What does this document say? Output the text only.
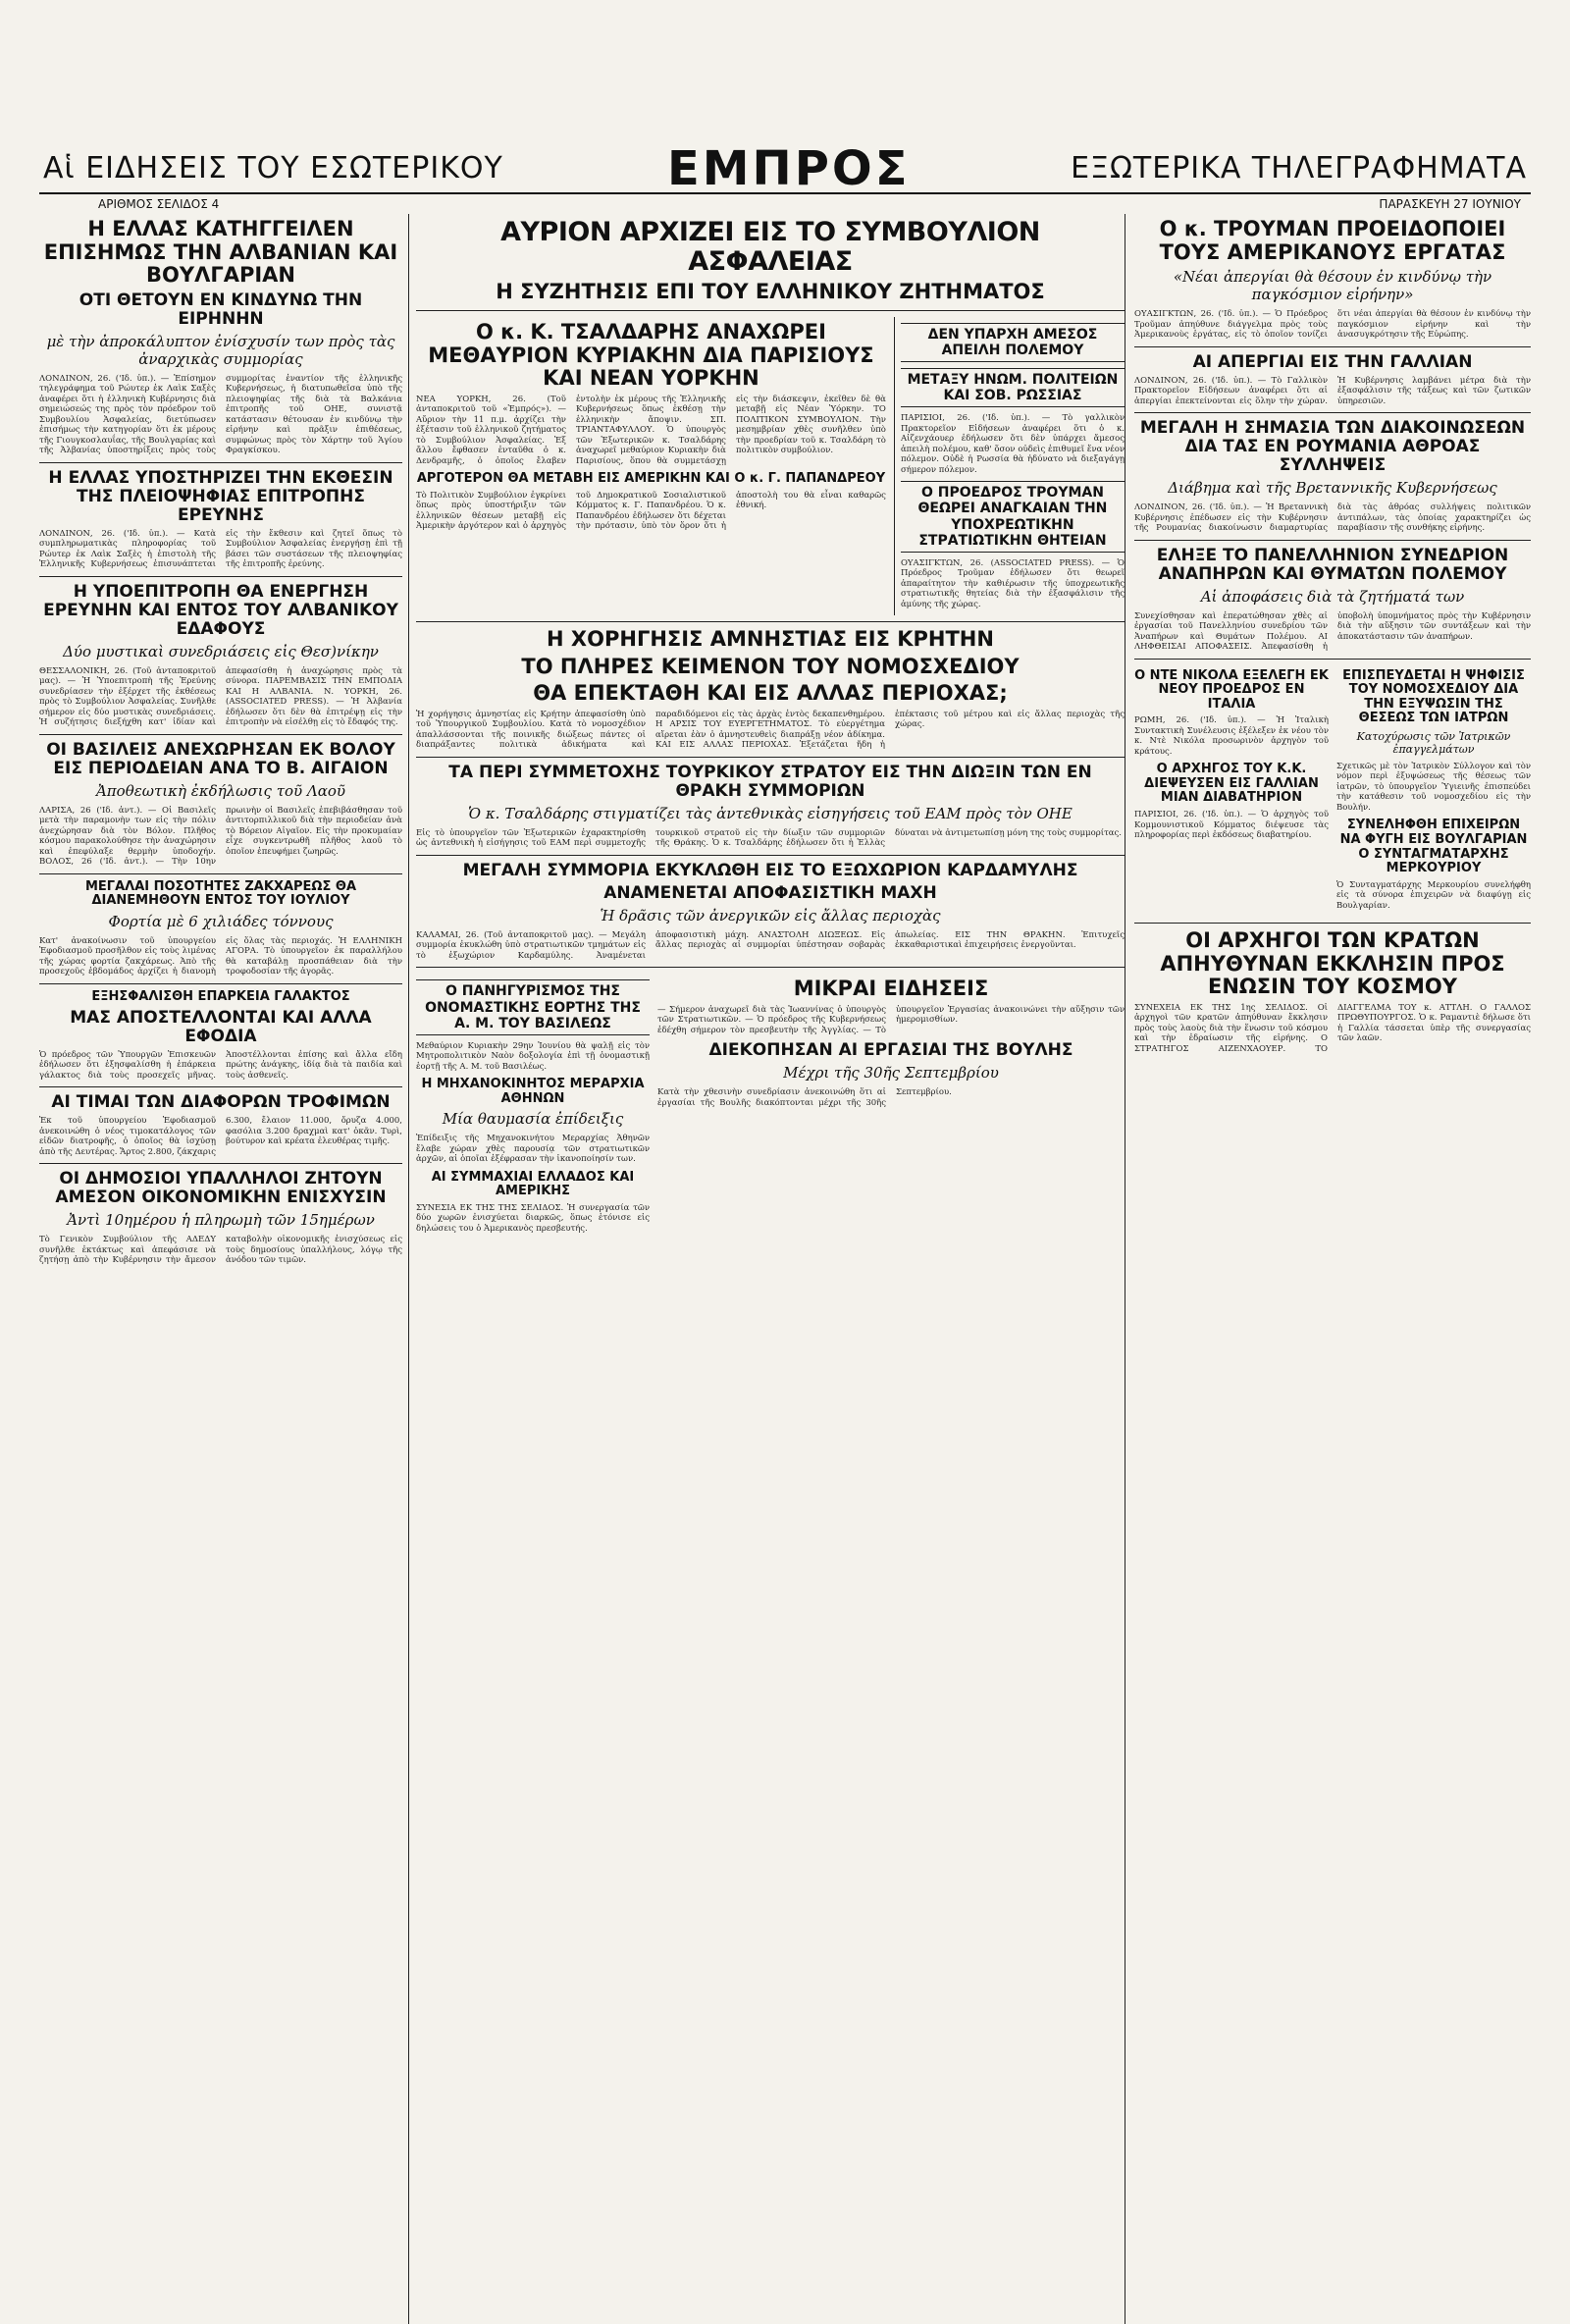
Αἱ ΕΙΔΗΣΕΙΣ ΤΟΥ ΕΣΩΤΕΡΙΚΟΥ	ΕΜΠΡΟΣ	ΕΞΩΤΕΡΙΚΑ ΤΗΛΕΓΡΑΦΗΜΑΤΑ
ΑΡΙΘΜΟΣ ΣΕΛΙΔΟΣ 4	ΠΑΡΑΣΚΕΥΗ 27 ΙΟΥΝΙΟΥ
Η ΕΛΛΑΣ ΚΑΤΗΓΓΕΙΛΕΝ ΕΠΙΣΗΜΩΣ ΤΗΝ ΑΛΒΑΝΙΑΝ ΚΑΙ ΒΟΥΛΓΑΡΙΑΝ
ΟΤΙ ΘΕΤΟΥΝ ΕΝ ΚΙΝΔΥΝΩ ΤΗΝ ΕΙΡΗΝΗΝ
μὲ τὴν ἀπροκάλυπτον ἐνίσχυσίν των πρὸς τὰς ἀναρχικὰς συμμορίας
ΛΟΝΔΙΝΟΝ, 26. ('Ιδ. ὑπ.). — Ἐπίσημον τηλεγράφημα τοῦ Ρώυτερ ἐκ Λαὶκ Σαξὲς ἀναφέρει ὅτι ἡ ἑλληνικὴ Κυβέρνησις διὰ σημειώσεώς της πρὸς τὸν πρόεδρον τοῦ Συμβουλίου Ἀσφαλείας, διετύπωσεν ἐπισήμως τὴν κατηγορίαν ὅτι ἐκ μέρους τῆς Γιουγκοσλαυΐας, τῆς Βουλγαρίας καὶ τῆς Ἀλβανίας ὑποστηρίξεις πρὸς τοὺς συμμορίτας ἐναντίον τῆς ἑλληνικῆς Κυβερνήσεως, ἡ διατυπωθεῖσα ὑπὸ τῆς πλειοψηφίας τῆς διὰ τὰ Βαλκάνια ἐπιτροπῆς τοῦ ΟΗΕ, συνιστᾷ κατάστασιν θέτουσαν ἐν κινδύνῳ τὴν εἰρήνην καὶ πρᾶξιν ἐπιθέσεως, συμφώνως πρὸς τὸν Χάρτην τοῦ Ἁγίου Φραγκίσκου.
Η ΕΛΛΑΣ ΥΠΟΣΤΗΡΙΖΕΙ ΤΗΝ ΕΚΘΕΣΙΝ ΤΗΣ ΠΛΕΙΟΨΗΦΙΑΣ ΕΠΙΤΡΟΠΗΣ ΕΡΕΥΝΗΣ
ΛΟΝΔΙΝΟΝ, 26. ('Ιδ. ὑπ.). — Κατὰ συμπληρωματικὰς πληροφορίας τοῦ Ρώυτερ ἐκ Λαὶκ Σαξὲς ἡ ἐπιστολὴ τῆς Ἑλληνικῆς Κυβερνήσεως ἐπισυνάπτεται εἰς τὴν ἔκθεσιν καὶ ζητεῖ ὅπως τὸ Συμβούλιον Ἀσφαλείας ἐνεργήσῃ ἐπὶ τῇ βάσει τῶν συστάσεων τῆς πλειοψηφίας τῆς ἐπιτροπῆς ἐρεύνης.
Η ΥΠΟΕΠΙΤΡΟΠΗ ΘΑ ΕΝΕΡΓΗΣΗ ΕΡΕΥΝΗΝ ΚΑΙ ΕΝΤΟΣ ΤΟΥ ΑΛΒΑΝΙΚΟΥ ΕΔΑΦΟΥΣ
Δύο μυστικαὶ συνεδριάσεις εἰς Θεσ)νίκην
ΘΕΣΣΑΛΟΝΙΚΗ, 26. (Τοῦ ἀνταποκριτοῦ μας). — Ἡ Ὑποεπιτροπὴ τῆς Ἐρεύνης συνεδρίασεν τὴν ἐξέρχετ τῆς ἐκθέσεως πρὸς τὸ Συμβούλιον Ἀσφαλείας. Συνῆλθε σήμερον εἰς δύο μυστικὰς συνεδριάσεις. Ἡ συζήτησις διεξήχθη κατ' ἰδίαν καὶ ἀπεφασίσθη ἡ ἀναχώρησις πρὸς τὰ σύνορα. ΠΑΡΕΜΒΑΣΙΣ ΤΗΝ ΕΜΠΟΔΙΑ ΚΑΙ Η ΑΛΒΑΝΙΑ. Ν. ΥΟΡΚΗ, 26. (ASSOCIATED PRESS). — Ἡ Ἀλβανία ἐδήλωσεν ὅτι δὲν θὰ ἐπιτρέψῃ εἰς τὴν ἐπιτροπὴν νὰ εἰσέλθῃ εἰς τὸ ἔδαφός της.
ΟΙ ΒΑΣΙΛΕΙΣ ΑΝΕΧΩΡΗΣΑΝ ΕΚ ΒΟΛΟΥ ΕΙΣ ΠΕΡΙΟΔΕΙΑΝ ΑΝΑ ΤΟ Β. ΑΙΓΑΙΟΝ
Ἀποθεωτικὴ ἐκδήλωσις τοῦ Λαοῦ
ΛΑΡΙΣΑ, 26 ('Ιδ. ἀντ.). — Οἱ Βασιλεῖς μετὰ τὴν παραμονὴν των εἰς τὴν πόλιν ἀνεχώρησαν διὰ τὸν Βόλον. Πλῆθος κόσμου παρακολούθησε τὴν ἀναχώρησιν καὶ ἐπεφύλαξε θερμὴν ὑποδοχήν. ΒΟΛΟΣ, 26 ('Ιδ. ἀντ.). — Τὴν 10ην πρωινὴν οἱ Βασιλεῖς ἐπεβιβάσθησαν τοῦ ἀντιτορπιλλικοῦ διὰ τὴν περιοδείαν ἀνὰ τὸ Βόρειον Αἰγαῖον. Εἰς τὴν προκυμαίαν εἶχε συγκεντρωθῆ πλῆθος λαοῦ τὸ ὁποῖον ἐπευφήμει ζωηρῶς.
ΜΕΓΑΛΑΙ ΠΟΣΟΤΗΤΕΣ ΖΑΚΧΑΡΕΩΣ ΘΑ ΔΙΑΝΕΜΗΘΟΥΝ ΕΝΤΟΣ ΤΟΥ ΙΟΥΛΙΟΥ
Φορτία μὲ 6 χιλιάδες τόννους
Κατ' ἀνακοίνωσιν τοῦ ὑπουργείου Ἐφοδιασμοῦ προσῆλθον εἰς τοὺς λιμένας τῆς χώρας φορτία ζακχάρεως. Ἀπὸ τῆς προσεχοῦς ἑβδομάδος ἀρχίζει ἡ διανομὴ εἰς ὅλας τὰς περιοχάς. Ἡ ΕΛΛΗΝΙΚΗ ΑΓΟΡΑ. Τὸ ὑπουργεῖον ἐκ παραλλήλου θὰ καταβάλῃ προσπάθειαν διὰ τὴν τροφοδοσίαν τῆς ἀγορᾶς.
ΕΞΗΣΦΑΛΙΣΘΗ ΕΠΑΡΚΕΙΑ ΓΑΛΑΚΤΟΣ
ΜΑΣ ΑΠΟΣΤΕΛΛΟΝΤΑΙ ΚΑΙ ΑΛΛΑ ΕΦΟΔΙΑ
Ὁ πρόεδρος τῶν Ὑπουργῶν Ἐπισκευῶν ἐδήλωσεν ὅτι ἐξησφαλίσθη ἡ ἐπάρκεια γάλακτος διὰ τοὺς προσεχεῖς μῆνας. Ἀποστέλλονται ἐπίσης καὶ ἄλλα εἴδη πρώτης ἀνάγκης, ἰδίᾳ διὰ τὰ παιδία καὶ τοὺς ἀσθενεῖς.
ΑΙ ΤΙΜΑΙ ΤΩΝ ΔΙΑΦΟΡΩΝ ΤΡΟΦΙΜΩΝ
Ἐκ τοῦ ὑπουργείου Ἐφοδιασμοῦ ἀνεκοινώθη ὁ νέος τιμοκατάλογος τῶν εἰδῶν διατροφῆς, ὁ ὁποῖος θὰ ἰσχύσῃ ἀπὸ τῆς Δευτέρας. Ἄρτος 2.800, ζάκχαρις 6.300, ἔλαιον 11.000, ὄρυζα 4.000, φασόλια 3.200 δραχμαὶ κατ' ὀκᾶν. Τυρὶ, βούτυρον καὶ κρέατα ἐλευθέρας τιμῆς.
ΟΙ ΔΗΜΟΣΙΟΙ ΥΠΑΛΛΗΛΟΙ ΖΗΤΟΥΝ ΑΜΕΣΟΝ ΟΙΚΟΝΟΜΙΚΗΝ ΕΝΙΣΧΥΣΙΝ
Ἀντὶ 10ημέρου ἡ πληρωμὴ τῶν 15ημέρων
Τὸ Γενικὸν Συμβούλιον τῆς ΑΔΕΔΥ συνῆλθε ἐκτάκτως καὶ ἀπεφάσισε νὰ ζητήσῃ ἀπὸ τὴν Κυβέρνησιν τὴν ἄμεσον καταβολὴν οἰκονομικῆς ἐνισχύσεως εἰς τοὺς δημοσίους ὑπαλλήλους, λόγῳ τῆς ἀνόδου τῶν τιμῶν.
ΑΥΡΙΟΝ ΑΡΧΙΖΕΙ ΕΙΣ ΤΟ ΣΥΜΒΟΥΛΙΟΝ ΑΣΦΑΛΕΙΑΣ
Η ΣΥΖΗΤΗΣΙΣ ΕΠΙ ΤΟΥ ΕΛΛΗΝΙΚΟΥ ΖΗΤΗΜΑΤΟΣ
Ο κ. Κ. ΤΣΑΛΔΑΡΗΣ ΑΝΑΧΩΡΕΙ ΜΕΘΑΥΡΙΟΝ ΚΥΡΙΑΚΗΝ ΔΙΑ ΠΑΡΙΣΙΟΥΣ ΚΑΙ ΝΕΑΝ ΥΟΡΚΗΝ
ΝΕΑ ΥΟΡΚΗ, 26. (Τοῦ ἀνταποκριτοῦ τοῦ «Ἐμπρός»). — Αὔριον τὴν 11 π.μ. ἀρχίζει τὴν ἐξέτασιν τοῦ ἑλληνικοῦ ζητήματος τὸ Συμβούλιον Ἀσφαλείας. Ἐξ ἄλλου ἔφθασεν ἐνταῦθα ὁ κ. Δενδραμῆς, ὁ ὁποῖος ἔλαβεν ἐντολὴν ἐκ μέρους τῆς Ἑλληνικῆς Κυβερνήσεως ὅπως ἐκθέσῃ τὴν ἑλληνικὴν ἄποψιν. ΣΠ. ΤΡΙΑΝΤΑΦΥΛΛΟΥ. Ὁ ὑπουργὸς τῶν Ἐξωτερικῶν κ. Τσαλδάρης ἀναχωρεῖ μεθαύριον Κυριακὴν διὰ Παρισίους, ὅπου θὰ συμμετάσχῃ εἰς τὴν διάσκεψιν, ἐκεῖθεν δὲ θὰ μεταβῇ εἰς Νέαν Ὑόρκην. ΤΟ ΠΟΛΙΤΙΚΟΝ ΣΥΜΒΟΥΛΙΟΝ. Τὴν μεσημβρίαν χθὲς συνῆλθεν ὑπὸ τὴν προεδρίαν τοῦ κ. Τσαλδάρη τὸ πολιτικὸν συμβούλιον.
ΑΡΓΟΤΕΡΟΝ ΘΑ ΜΕΤΑΒΗ ΕΙΣ ΑΜΕΡΙΚΗΝ ΚΑΙ Ο κ. Γ. ΠΑΠΑΝΔΡΕΟΥ
Τὸ Πολιτικὸν Συμβούλιον ἐγκρίνει ὅπως πρὸς ὑποστήριξιν τῶν ἑλληνικῶν θέσεων μεταβῇ εἰς Ἀμερικὴν ἀργότερον καὶ ὁ ἀρχηγὸς τοῦ Δημοκρατικοῦ Σοσιαλιστικοῦ Κόμματος κ. Γ. Παπανδρέου. Ὁ κ. Παπανδρέου ἐδήλωσεν ὅτι δέχεται τὴν πρότασιν, ὑπὸ τὸν ὅρον ὅτι ἡ ἀποστολὴ του θὰ εἶναι καθαρῶς ἐθνική.
ΔΕΝ ΥΠΑΡΧΗ ΑΜΕΣΟΣ ΑΠΕΙΛΗ ΠΟΛΕΜΟΥ
ΜΕΤΑΞΥ ΗΝΩΜ. ΠΟΛΙΤΕΙΩΝ ΚΑΙ ΣΟΒ. ΡΩΣΣΙΑΣ
ΠΑΡΙΣΙΟΙ, 26. ('Ιδ. ὑπ.). — Τὸ γαλλικὸν Πρακτορεῖον Εἰδήσεων ἀναφέρει ὅτι ὁ κ. Αἰζενχάουερ ἐδήλωσεν ὅτι δὲν ὑπάρχει ἄμεσος ἀπειλὴ πολέμου, καθ' ὅσον οὐδεὶς ἐπιθυμεῖ ἕνα νέον πόλεμον. Οὐδὲ ἡ Ρωσσία θὰ ἠδύνατο νὰ διεξαγάγῃ σήμερον πόλεμον.
Ο ΠΡΟΕΔΡΟΣ ΤΡΟΥΜΑΝ ΘΕΩΡΕΙ ΑΝΑΓΚΑΙΑΝ ΤΗΝ ΥΠΟΧΡΕΩΤΙΚΗΝ ΣΤΡΑΤΙΩΤΙΚΗΝ ΘΗΤΕΙΑΝ
ΟΥΑΣΙΓΚΤΩΝ, 26. (ASSOCIATED PRESS). — Ὁ Πρόεδρος Τροῦμαν ἐδήλωσεν ὅτι θεωρεῖ ἀπαραίτητον τὴν καθιέρωσιν τῆς ὑποχρεωτικῆς στρατιωτικῆς θητείας διὰ τὴν ἐξασφάλισιν τῆς ἀμύνης τῆς χώρας.
Η ΧΟΡΗΓΗΣΙΣ ΑΜΝΗΣΤΙΑΣ ΕΙΣ ΚΡΗΤΗΝ
ΤΟ ΠΛΗΡΕΣ ΚΕΙΜΕΝΟΝ ΤΟΥ ΝΟΜΟΣΧΕΔΙΟΥ
ΘΑ ΕΠΕΚΤΑΘΗ ΚΑΙ ΕΙΣ ΑΛΛΑΣ ΠΕΡΙΟΧΑΣ;
Ἡ χορήγησις ἀμνηστίας εἰς Κρήτην ἀπεφασίσθη ὑπὸ τοῦ Ὑπουργικοῦ Συμβουλίου. Κατὰ τὸ νομοσχέδιον ἀπαλλάσσονται τῆς ποινικῆς διώξεως πάντες οἱ διαπράξαντες πολιτικὰ ἀδικήματα καὶ παραδιδόμενοι εἰς τὰς ἀρχὰς ἐντὸς δεκαπενθημέρου. Η ΑΡΣΙΣ ΤΟΥ ΕΥΕΡΓΕΤΗΜΑΤΟΣ. Τὸ εὐεργέτημα αἴρεται ἐὰν ὁ ἀμνηστευθεὶς διαπράξῃ νέον ἀδίκημα. ΚΑΙ ΕΙΣ ΑΛΛΑΣ ΠΕΡΙΟΧΑΣ. Ἐξετάζεται ἤδη ἡ ἐπέκτασις τοῦ μέτρου καὶ εἰς ἄλλας περιοχὰς τῆς χώρας.
ΤΑ ΠΕΡΙ ΣΥΜΜΕΤΟΧΗΣ ΤΟΥΡΚΙΚΟΥ ΣΤΡΑΤΟΥ ΕΙΣ ΤΗΝ ΔΙΩΞΙΝ ΤΩΝ ΕΝ ΘΡΑΚΗ ΣΥΜΜΟΡΙΩΝ
Ὁ κ. Τσαλδάρης στιγματίζει τὰς ἀντεθνικὰς εἰσηγήσεις τοῦ ΕΑΜ πρὸς τὸν ΟΗΕ
Εἰς τὸ ὑπουργεῖον τῶν Ἐξωτερικῶν ἐχαρακτηρίσθη ὡς ἀντεθνικὴ ἡ εἰσήγησις τοῦ ΕΑΜ περὶ συμμετοχῆς τουρκικοῦ στρατοῦ εἰς τὴν δίωξιν τῶν συμμοριῶν τῆς Θράκης. Ὁ κ. Τσαλδάρης ἐδήλωσεν ὅτι ἡ Ἑλλὰς δύναται νὰ ἀντιμετωπίσῃ μόνη της τοὺς συμμορίτας.
ΜΕΓΑΛΗ ΣΥΜΜΟΡΙΑ ΕΚΥΚΛΩΘΗ ΕΙΣ ΤΟ ΕΞΩΧΩΡΙΟΝ ΚΑΡΔΑΜΥΛΗΣ
ΑΝΑΜΕΝΕΤΑΙ ΑΠΟΦΑΣΙΣΤΙΚΗ ΜΑΧΗ
Ἡ δρᾶσις τῶν ἀνεργικῶν εἰς ἄλλας περιοχὰς
ΚΑΛΑΜΑΙ, 26. (Τοῦ ἀνταποκριτοῦ μας). — Μεγάλη συμμορία ἐκυκλώθη ὑπὸ στρατιωτικῶν τμημάτων εἰς τὸ ἐξωχώριον Καρδαμύλης. Ἀναμένεται ἀποφασιστικὴ μάχη. ΑΝΑΣΤΟΛΗ ΔΙΩΞΕΩΣ. Εἰς ἄλλας περιοχὰς αἱ συμμορίαι ὑπέστησαν σοβαρὰς ἀπωλείας. ΕΙΣ ΤΗΝ ΘΡΑΚΗΝ. Ἐπιτυχεῖς ἐκκαθαριστικαὶ ἐπιχειρήσεις ἐνεργοῦνται.
Ο ΠΑΝΗΓΥΡΙΣΜΟΣ ΤΗΣ ΟΝΟΜΑΣΤΙΚΗΣ ΕΟΡΤΗΣ ΤΗΣ Α. Μ. ΤΟΥ ΒΑΣΙΛΕΩΣ
Μεθαύριον Κυριακὴν 29ην Ἰουνίου θὰ ψαλῇ εἰς τὸν Μητροπολιτικὸν Ναὸν δοξολογία ἐπὶ τῇ ὀνομαστικῇ ἑορτῇ τῆς Α. Μ. τοῦ Βασιλέως.
Η ΜΗΧΑΝΟΚΙΝΗΤΟΣ ΜΕΡΑΡΧΙΑ ΑΘΗΝΩΝ
Μία θαυμασία ἐπίδειξις
Ἐπίδειξις τῆς Μηχανοκινήτου Μεραρχίας Ἀθηνῶν ἔλαβε χώραν χθὲς παρουσίᾳ τῶν στρατιωτικῶν ἀρχῶν, αἱ ὁποῖαι ἐξέφρασαν τὴν ἱκανοποίησίν των.
ΑΙ ΣΥΜΜΑΧΙΑΙ ΕΛΛΑΔΟΣ ΚΑΙ ΑΜΕΡΙΚΗΣ
ΣΥΝΕΣΙΑ ΕΚ ΤΗΣ ΤΗΣ ΣΕΛΙΔΟΣ. Ἡ συνεργασία τῶν δύο χωρῶν ἐνισχύεται διαρκῶς, ὅπως ἐτόνισε εἰς δηλώσεις του ὁ Ἀμερικανὸς πρεσβευτής.
ΜΙΚΡΑΙ ΕΙΔΗΣΕΙΣ
— Σήμερον ἀναχωρεῖ διὰ τὰς Ἰωαννίνας ὁ ὑπουργὸς τῶν Στρατιωτικῶν. — Ὁ πρόεδρος τῆς Κυβερνήσεως ἐδέχθη σήμερον τὸν πρεσβευτὴν τῆς Ἀγγλίας. — Τὸ ὑπουργεῖον Ἐργασίας ἀνακοινώνει τὴν αὔξησιν τῶν ἡμερομισθίων.
ΔΙΕΚΟΠΗΣΑΝ ΑΙ ΕΡΓΑΣΙΑΙ ΤΗΣ ΒΟΥΛΗΣ
Μέχρι τῆς 30ῆς Σεπτεμβρίου
Κατὰ τὴν χθεσινὴν συνεδρίασιν ἀνεκοινώθη ὅτι αἱ ἐργασίαι τῆς Βουλῆς διακόπτονται μέχρι τῆς 30ῆς Σεπτεμβρίου.
Ο κ. ΤΡΟΥΜΑΝ ΠΡΟΕΙΔΟΠΟΙΕΙ ΤΟΥΣ ΑΜΕΡΙΚΑΝΟΥΣ ΕΡΓΑΤΑΣ
«Νέαι ἀπεργίαι θὰ θέσουν ἐν κινδύνῳ τὴν παγκόσμιον εἰρήνην»
ΟΥΑΣΙΓΚΤΩΝ, 26. ('Ιδ. ὑπ.). — Ὁ Πρόεδρος Τροῦμαν ἀπηύθυνε διάγγελμα πρὸς τοὺς Ἀμερικανοὺς ἐργάτας, εἰς τὸ ὁποῖον τονίζει ὅτι νέαι ἀπεργίαι θὰ θέσουν ἐν κινδύνῳ τὴν παγκόσμιον εἰρήνην καὶ τὴν ἀνασυγκρότησιν τῆς Εὐρώπης.
ΑΙ ΑΠΕΡΓΙΑΙ ΕΙΣ ΤΗΝ ΓΑΛΛΙΑΝ
ΛΟΝΔΙΝΟΝ, 26. ('Ιδ. ὑπ.). — Τὸ Γαλλικὸν Πρακτορεῖον Εἰδήσεων ἀναφέρει ὅτι αἱ ἀπεργίαι ἐπεκτείνονται εἰς ὅλην τὴν χώραν. Ἡ Κυβέρνησις λαμβάνει μέτρα διὰ τὴν ἐξασφάλισιν τῆς τάξεως καὶ τῶν ζωτικῶν ὑπηρεσιῶν.
ΜΕΓΑΛΗ Η ΣΗΜΑΣΙΑ ΤΩΝ ΔΙΑΚΟΙΝΩΣΕΩΝ ΔΙΑ ΤΑΣ ΕΝ ΡΟΥΜΑΝΙΑ ΑΘΡΟΑΣ ΣΥΛΛΗΨΕΙΣ
Διάβημα καὶ τῆς Βρεταννικῆς Κυβερνήσεως
ΛΟΝΔΙΝΟΝ, 26. ('Ιδ. ὑπ.). — Ἡ Βρεταννικὴ Κυβέρνησις ἐπέδωσεν εἰς τὴν Κυβέρνησιν τῆς Ρουμανίας διακοίνωσιν διαμαρτυρίας διὰ τὰς ἀθρόας συλλήψεις πολιτικῶν ἀντιπάλων, τὰς ὁποίας χαρακτηρίζει ὡς παραβίασιν τῆς συνθήκης εἰρήνης.
ΕΛΗΞΕ ΤΟ ΠΑΝΕΛΛΗΝΙΟΝ ΣΥΝΕΔΡΙΟΝ ΑΝΑΠΗΡΩΝ ΚΑΙ ΘΥΜΑΤΩΝ ΠΟΛΕΜΟΥ
Αἱ ἀποφάσεις διὰ τὰ ζητήματά των
Συνεχίσθησαν καὶ ἐπερατώθησαν χθὲς αἱ ἐργασίαι τοῦ Πανελληνίου συνεδρίου τῶν Ἀναπήρων καὶ Θυμάτων Πολέμου. ΑΙ ΛΗΦΘΕΙΣΑΙ ΑΠΟΦΑΣΕΙΣ. Ἀπεφασίσθη ἡ ὑποβολὴ ὑπομνήματος πρὸς τὴν Κυβέρνησιν διὰ τὴν αὔξησιν τῶν συντάξεων καὶ τὴν ἀποκατάστασιν τῶν ἀναπήρων.
Ο ΝΤΕ ΝΙΚΟΛΑ ΕΞΕΛΕΓΗ ΕΚ ΝΕΟΥ ΠΡΟΕΔΡΟΣ ΕΝ ΙΤΑΛΙΑ
ΡΩΜΗ, 26. ('Ιδ. ὑπ.). — Ἡ Ἰταλικὴ Συντακτικὴ Συνέλευσις ἐξέλεξεν ἐκ νέου τὸν κ. Ντὲ Νικόλα προσωρινὸν ἀρχηγὸν τοῦ κράτους.
Ο ΑΡΧΗΓΟΣ ΤΟΥ Κ.Κ. ΔΙΕΨΕΥΣΕΝ ΕΙΣ ΓΑΛΛΙΑΝ ΜΙΑΝ ΔΙΑΒΑΤΗΡΙΟΝ
ΠΑΡΙΣΙΟΙ, 26. ('Ιδ. ὑπ.). — Ὁ ἀρχηγὸς τοῦ Κομμουνιστικοῦ Κόμματος διέψευσε τὰς πληροφορίας περὶ ἐκδόσεως διαβατηρίου.
ΕΠΙΣΠΕΥΔΕΤΑΙ Η ΨΗΦΙΣΙΣ ΤΟΥ ΝΟΜΟΣΧΕΔΙΟΥ ΔΙΑ ΤΗΝ ΕΞΥΨΩΣΙΝ ΤΗΣ ΘΕΣΕΩΣ ΤΩΝ ΙΑΤΡΩΝ
Κατοχύρωσις τῶν Ἰατρικῶν ἐπαγγελμάτων
Σχετικῶς μὲ τὸν Ἰατρικὸν Σύλλογον καὶ τὸν νόμον περὶ ἐξυψώσεως τῆς θέσεως τῶν ἰατρῶν, τὸ ὑπουργεῖον Ὑγιεινῆς ἐπισπεύδει τὴν κατάθεσιν τοῦ νομοσχεδίου εἰς τὴν Βουλήν.
ΣΥΝΕΛΗΦΘΗ ΕΠΙΧΕΙΡΩΝ ΝΑ ΦΥΓΗ ΕΙΣ ΒΟΥΛΓΑΡΙΑΝ Ο ΣΥΝΤΑΓΜΑΤΑΡΧΗΣ ΜΕΡΚΟΥΡΙΟΥ
Ὁ Συνταγματάρχης Μερκουρίου συνελήφθη εἰς τὰ σύνορα ἐπιχειρῶν νὰ διαφύγῃ εἰς Βουλγαρίαν.
ΟΙ ΑΡΧΗΓΟΙ ΤΩΝ ΚΡΑΤΩΝ ΑΠΗΥΘΥΝΑΝ ΕΚΚΛΗΣΙΝ ΠΡΟΣ ΕΝΩΣΙΝ ΤΟΥ ΚΟΣΜΟΥ
ΣΥΝΕΧΕΙΑ ΕΚ ΤΗΣ 1ης ΣΕΛΙΔΟΣ. Οἱ ἀρχηγοὶ τῶν κρατῶν ἀπηύθυναν ἔκκλησιν πρὸς τοὺς λαοὺς διὰ τὴν ἕνωσιν τοῦ κόσμου καὶ τὴν ἐδραίωσιν τῆς εἰρήνης. Ο ΣΤΡΑΤΗΓΟΣ ΑΙΖΕΝΧΑΟΥΕΡ. ΤΟ ΔΙΑΓΓΕΛΜΑ ΤΟΥ κ. ΑΤΤΛΗ. Ο ΓΑΛΛΟΣ ΠΡΩΘΥΠΟΥΡΓΟΣ. Ὁ κ. Ραμαντιὲ δήλωσε ὅτι ἡ Γαλλία τάσσεται ὑπὲρ τῆς συνεργασίας τῶν λαῶν.
